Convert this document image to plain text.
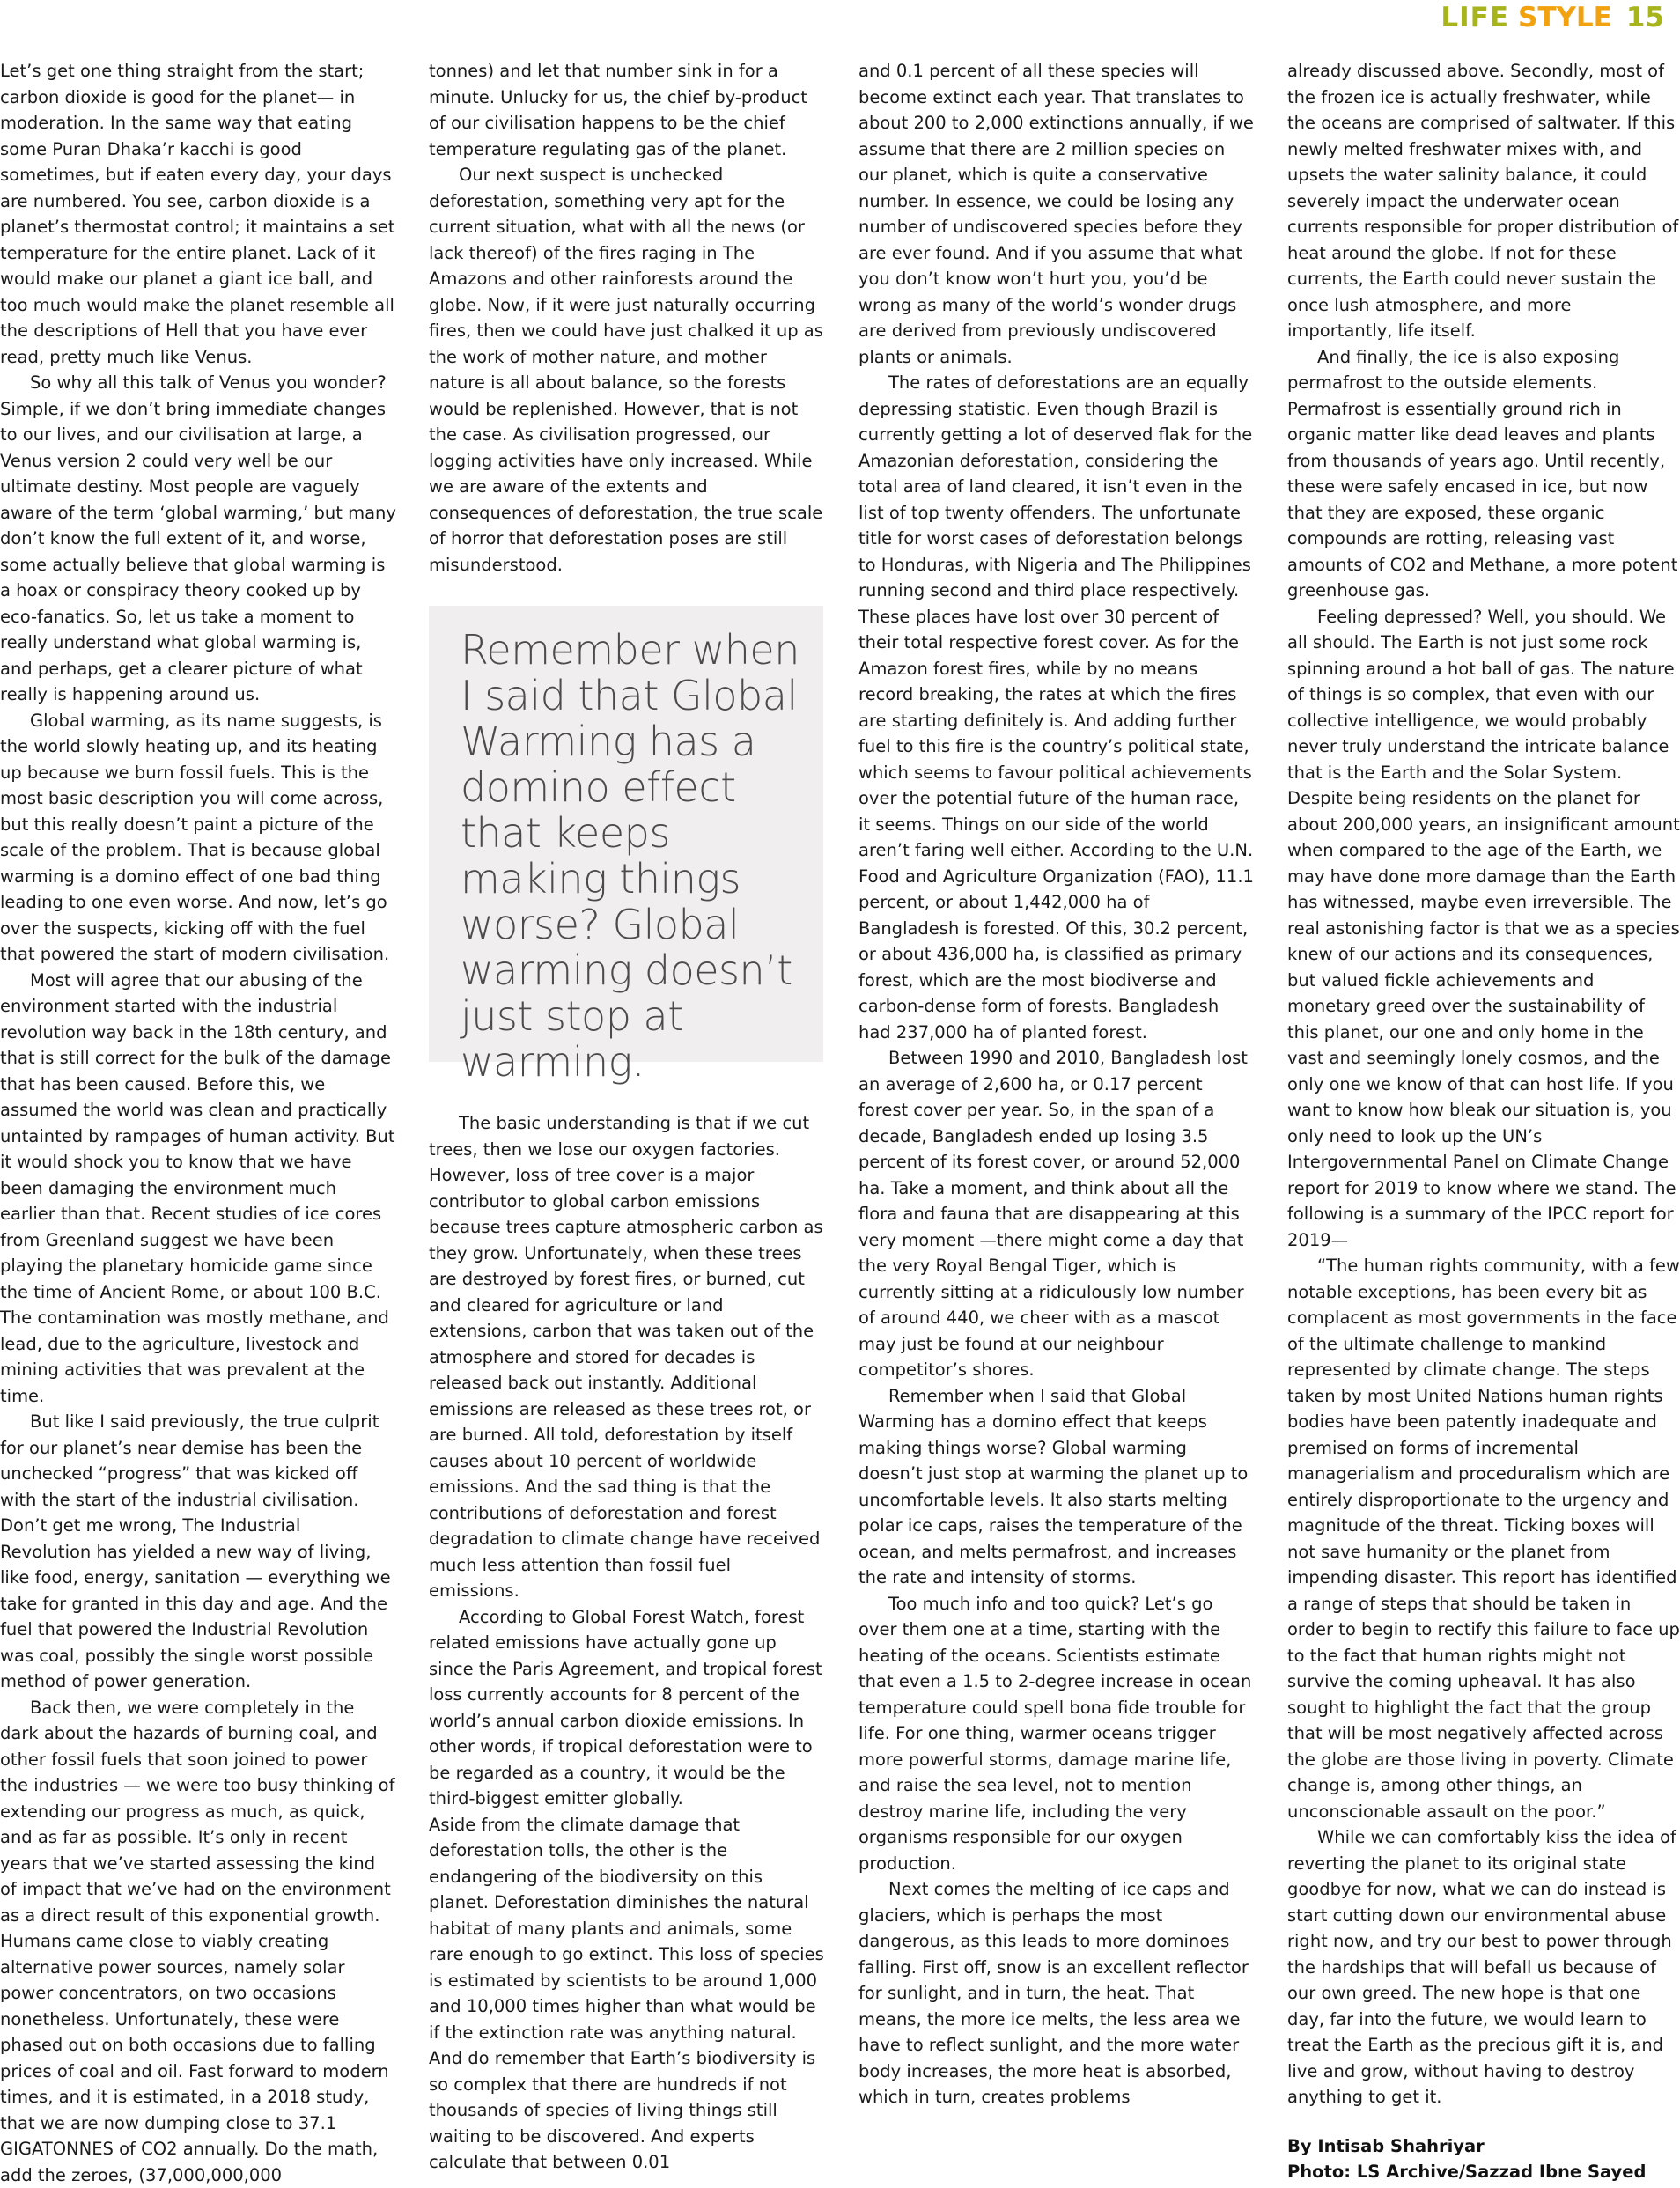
LIFE STYLE 15

Let’s get one thing straight from the start; carbon dioxide is good for the planet— in moderation. In the same way that eating some Puran Dhaka’r kacchi is good sometimes, but if eaten every day, your days are numbered. You see, carbon dioxide is a planet’s thermostat control; it maintains a set temperature for the entire planet. Lack of it would make our planet a giant ice ball, and too much would make the planet resemble all the descriptions of Hell that you have ever read, pretty much like Venus.

So why all this talk of Venus you wonder? Simple, if we don’t bring immediate changes to our lives, and our civilisation at large, a Venus version 2 could very well be our ultimate destiny. Most people are vaguely aware of the term ‘global warming,’ but many don’t know the full extent of it, and worse, some actually believe that global warming is a hoax or conspiracy theory cooked up by eco-fanatics. So, let us take a moment to really understand what global warming is, and perhaps, get a clearer picture of what really is happening around us.

Global warming, as its name suggests, is the world slowly heating up, and its heating up because we burn fossil fuels. This is the most basic description you will come across, but this really doesn’t paint a picture of the scale of the problem. That is because global warming is a domino effect of one bad thing leading to one even worse. And now, let’s go over the suspects, kicking off with the fuel that powered the start of modern civilisation.

Most will agree that our abusing of the environment started with the industrial revolution way back in the 18th century, and that is still correct for the bulk of the damage that has been caused. Before this, we assumed the world was clean and practically untainted by rampages of human activity. But it would shock you to know that we have been damaging the environment much earlier than that. Recent studies of ice cores from Greenland suggest we have been playing the planetary homicide game since the time of Ancient Rome, or about 100 B.C. The contamination was mostly methane, and lead, due to the agriculture, livestock and mining activities that was prevalent at the time.

But like I said previously, the true culprit for our planet’s near demise has been the unchecked “progress” that was kicked off with the start of the industrial civilisation. Don’t get me wrong, The Industrial Revolution has yielded a new way of living, like food, energy, sanitation — everything we take for granted in this day and age. And the fuel that powered the Industrial Revolution was coal, possibly the single worst possible method of power generation.

Back then, we were completely in the dark about the hazards of burning coal, and other fossil fuels that soon joined to power the industries — we were too busy thinking of extending our progress as much, as quick, and as far as possible. It’s only in recent years that we’ve started assessing the kind of impact that we’ve had on the environment as a direct result of this exponential growth. Humans came close to viably creating alternative power sources, namely solar power concentrators, on two occasions nonetheless. Unfortunately, these were phased out on both occasions due to falling prices of coal and oil. Fast forward to modern times, and it is estimated, in a 2018 study, that we are now dumping close to 37.1 GIGATONNES of CO2 annually. Do the math, add the zeroes, (37,000,000,000

tonnes) and let that number sink in for a minute. Unlucky for us, the chief by-product of our civilisation happens to be the chief temperature regulating gas of the planet.

Our next suspect is unchecked deforestation, something very apt for the current situation, what with all the news (or lack thereof) of the fires raging in The Amazons and other rainforests around the globe. Now, if it were just naturally occurring fires, then we could have just chalked it up as the work of mother nature, and mother nature is all about balance, so the forests would be replenished. However, that is not the case. As civilisation progressed, our logging activities have only increased. While we are aware of the extents and consequences of deforestation, the true scale of horror that deforestation poses are still misunderstood.

Remember when I said that Global Warming has a domino effect that keeps making things worse? Global warming doesn’t just stop at warming.

The basic understanding is that if we cut trees, then we lose our oxygen factories. However, loss of tree cover is a major contributor to global carbon emissions because trees capture atmospheric carbon as they grow. Unfortunately, when these trees are destroyed by forest fires, or burned, cut and cleared for agriculture or land extensions, carbon that was taken out of the atmosphere and stored for decades is released back out instantly. Additional emissions are released as these trees rot, or are burned. All told, deforestation by itself causes about 10 percent of worldwide emissions. And the sad thing is that the contributions of deforestation and forest degradation to climate change have received much less attention than fossil fuel emissions.

According to Global Forest Watch, forest related emissions have actually gone up since the Paris Agreement, and tropical forest loss currently accounts for 8 percent of the world’s annual carbon dioxide emissions. In other words, if tropical deforestation were to be regarded as a country, it would be the third-biggest emitter globally.

Aside from the climate damage that deforestation tolls, the other is the endangering of the biodiversity on this planet. Deforestation diminishes the natural habitat of many plants and animals, some rare enough to go extinct. This loss of species is estimated by scientists to be around 1,000 and 10,000 times higher than what would be if the extinction rate was anything natural. And do remember that Earth’s biodiversity is so complex that there are hundreds if not thousands of species of living things still waiting to be discovered. And experts calculate that between 0.01

and 0.1 percent of all these species will become extinct each year. That translates to about 200 to 2,000 extinctions annually, if we assume that there are 2 million species on our planet, which is quite a conservative number. In essence, we could be losing any number of undiscovered species before they are ever found. And if you assume that what you don’t know won’t hurt you, you’d be wrong as many of the world’s wonder drugs are derived from previously undiscovered plants or animals.

The rates of deforestations are an equally depressing statistic. Even though Brazil is currently getting a lot of deserved flak for the Amazonian deforestation, considering the total area of land cleared, it isn’t even in the list of top twenty offenders. The unfortunate title for worst cases of deforestation belongs to Honduras, with Nigeria and The Philippines running second and third place respectively. These places have lost over 30 percent of their total respective forest cover. As for the Amazon forest fires, while by no means record breaking, the rates at which the fires are starting definitely is. And adding further fuel to this fire is the country’s political state, which seems to favour political achievements over the potential future of the human race, it seems. Things on our side of the world aren’t faring well either. According to the U.N. Food and Agriculture Organization (FAO), 11.1 percent, or about 1,442,000 ha of Bangladesh is forested. Of this, 30.2 percent, or about 436,000 ha, is classified as primary forest, which are the most biodiverse and carbon-dense form of forests. Bangladesh had 237,000 ha of planted forest.

Between 1990 and 2010, Bangladesh lost an average of 2,600 ha, or 0.17 percent forest cover per year. So, in the span of a decade, Bangladesh ended up losing 3.5 percent of its forest cover, or around 52,000 ha. Take a moment, and think about all the flora and fauna that are disappearing at this very moment —there might come a day that the very Royal Bengal Tiger, which is currently sitting at a ridiculously low number of around 440, we cheer with as a mascot may just be found at our neighbour competitor’s shores.

Remember when I said that Global Warming has a domino effect that keeps making things worse? Global warming doesn’t just stop at warming the planet up to uncomfortable levels. It also starts melting polar ice caps, raises the temperature of the ocean, and melts permafrost, and increases the rate and intensity of storms.

Too much info and too quick? Let’s go over them one at a time, starting with the heating of the oceans. Scientists estimate that even a 1.5 to 2-degree increase in ocean temperature could spell bona fide trouble for life. For one thing, warmer oceans trigger more powerful storms, damage marine life, and raise the sea level, not to mention destroy marine life, including the very organisms responsible for our oxygen production.

Next comes the melting of ice caps and glaciers, which is perhaps the most dangerous, as this leads to more dominoes falling. First off, snow is an excellent reflector for sunlight, and in turn, the heat. That means, the more ice melts, the less area we have to reflect sunlight, and the more water body increases, the more heat is absorbed, which in turn, creates problems

already discussed above. Secondly, most of the frozen ice is actually freshwater, while the oceans are comprised of saltwater. If this newly melted freshwater mixes with, and upsets the water salinity balance, it could severely impact the underwater ocean currents responsible for proper distribution of heat around the globe. If not for these currents, the Earth could never sustain the once lush atmosphere, and more importantly, life itself.

And finally, the ice is also exposing permafrost to the outside elements. Permafrost is essentially ground rich in organic matter like dead leaves and plants from thousands of years ago. Until recently, these were safely encased in ice, but now that they are exposed, these organic compounds are rotting, releasing vast amounts of CO2 and Methane, a more potent greenhouse gas.

Feeling depressed? Well, you should. We all should. The Earth is not just some rock spinning around a hot ball of gas. The nature of things is so complex, that even with our collective intelligence, we would probably never truly understand the intricate balance that is the Earth and the Solar System. Despite being residents on the planet for about 200,000 years, an insignificant amount when compared to the age of the Earth, we may have done more damage than the Earth has witnessed, maybe even irreversible. The real astonishing factor is that we as a species knew of our actions and its consequences, but valued fickle achievements and monetary greed over the sustainability of this planet, our one and only home in the vast and seemingly lonely cosmos, and the only one we know of that can host life. If you want to know how bleak our situation is, you only need to look up the UN’s Intergovernmental Panel on Climate Change report for 2019 to know where we stand. The following is a summary of the IPCC report for 2019—

“The human rights community, with a few notable exceptions, has been every bit as complacent as most governments in the face of the ultimate challenge to mankind represented by climate change. The steps taken by most United Nations human rights bodies have been patently inadequate and premised on forms of incremental managerialism and proceduralism which are entirely disproportionate to the urgency and magnitude of the threat. Ticking boxes will not save humanity or the planet from impending disaster. This report has identified a range of steps that should be taken in order to begin to rectify this failure to face up to the fact that human rights might not survive the coming upheaval. It has also sought to highlight the fact that the group that will be most negatively affected across the globe are those living in poverty. Climate change is, among other things, an unconscionable assault on the poor.”

While we can comfortably kiss the idea of reverting the planet to its original state goodbye for now, what we can do instead is start cutting down our environmental abuse right now, and try our best to power through the hardships that will befall us because of our own greed. The new hope is that one day, far into the future, we would learn to treat the Earth as the precious gift it is, and live and grow, without having to destroy anything to get it.

By Intisab Shahriyar
Photo: LS Archive/Sazzad Ibne Sayed
